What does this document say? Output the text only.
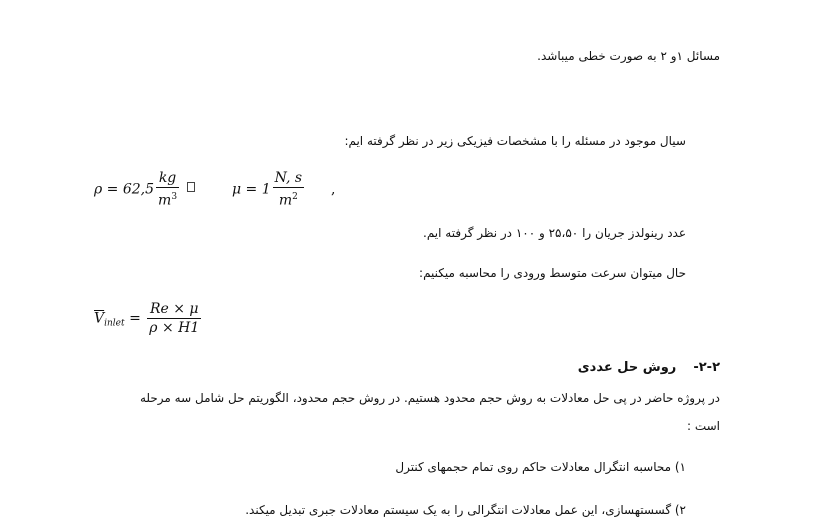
مسائل ۱و ۲ به صورت خطی میباشد.
سیال موجود در مسئله را با مشخصات فیزیکی زیر در نظر گرفته ایم:
$\rho = 62,5 \frac{kg}{m^3}$	$\mu = 1 \frac{N, s}{m^2}$ ,
عدد رینولدز جریان را ۲۵،۵۰ و ۱۰۰ در نظر گرفته ایم.
حال میتوان سرعت متوسط ورودی را محاسبه میکنیم:
$\overline{V}_{inlet} = \frac{Re \times \mu}{\rho \times H1}$
۲-۲-  روش حل عددی
در پروژه حاضر در پی حل معادلات به روش حجم محدود هستیم. در روش حجم محدود، الگوریتم حل شامل سه مرحله
است :
۱) محاسبه انتگرال معادلات حاکم روی تمام حجمهای کنترل
۲) گسستهسازی، این عمل معادلات انتگرالی را به یک سیستم معادلات جبری تبدیل میکند.
